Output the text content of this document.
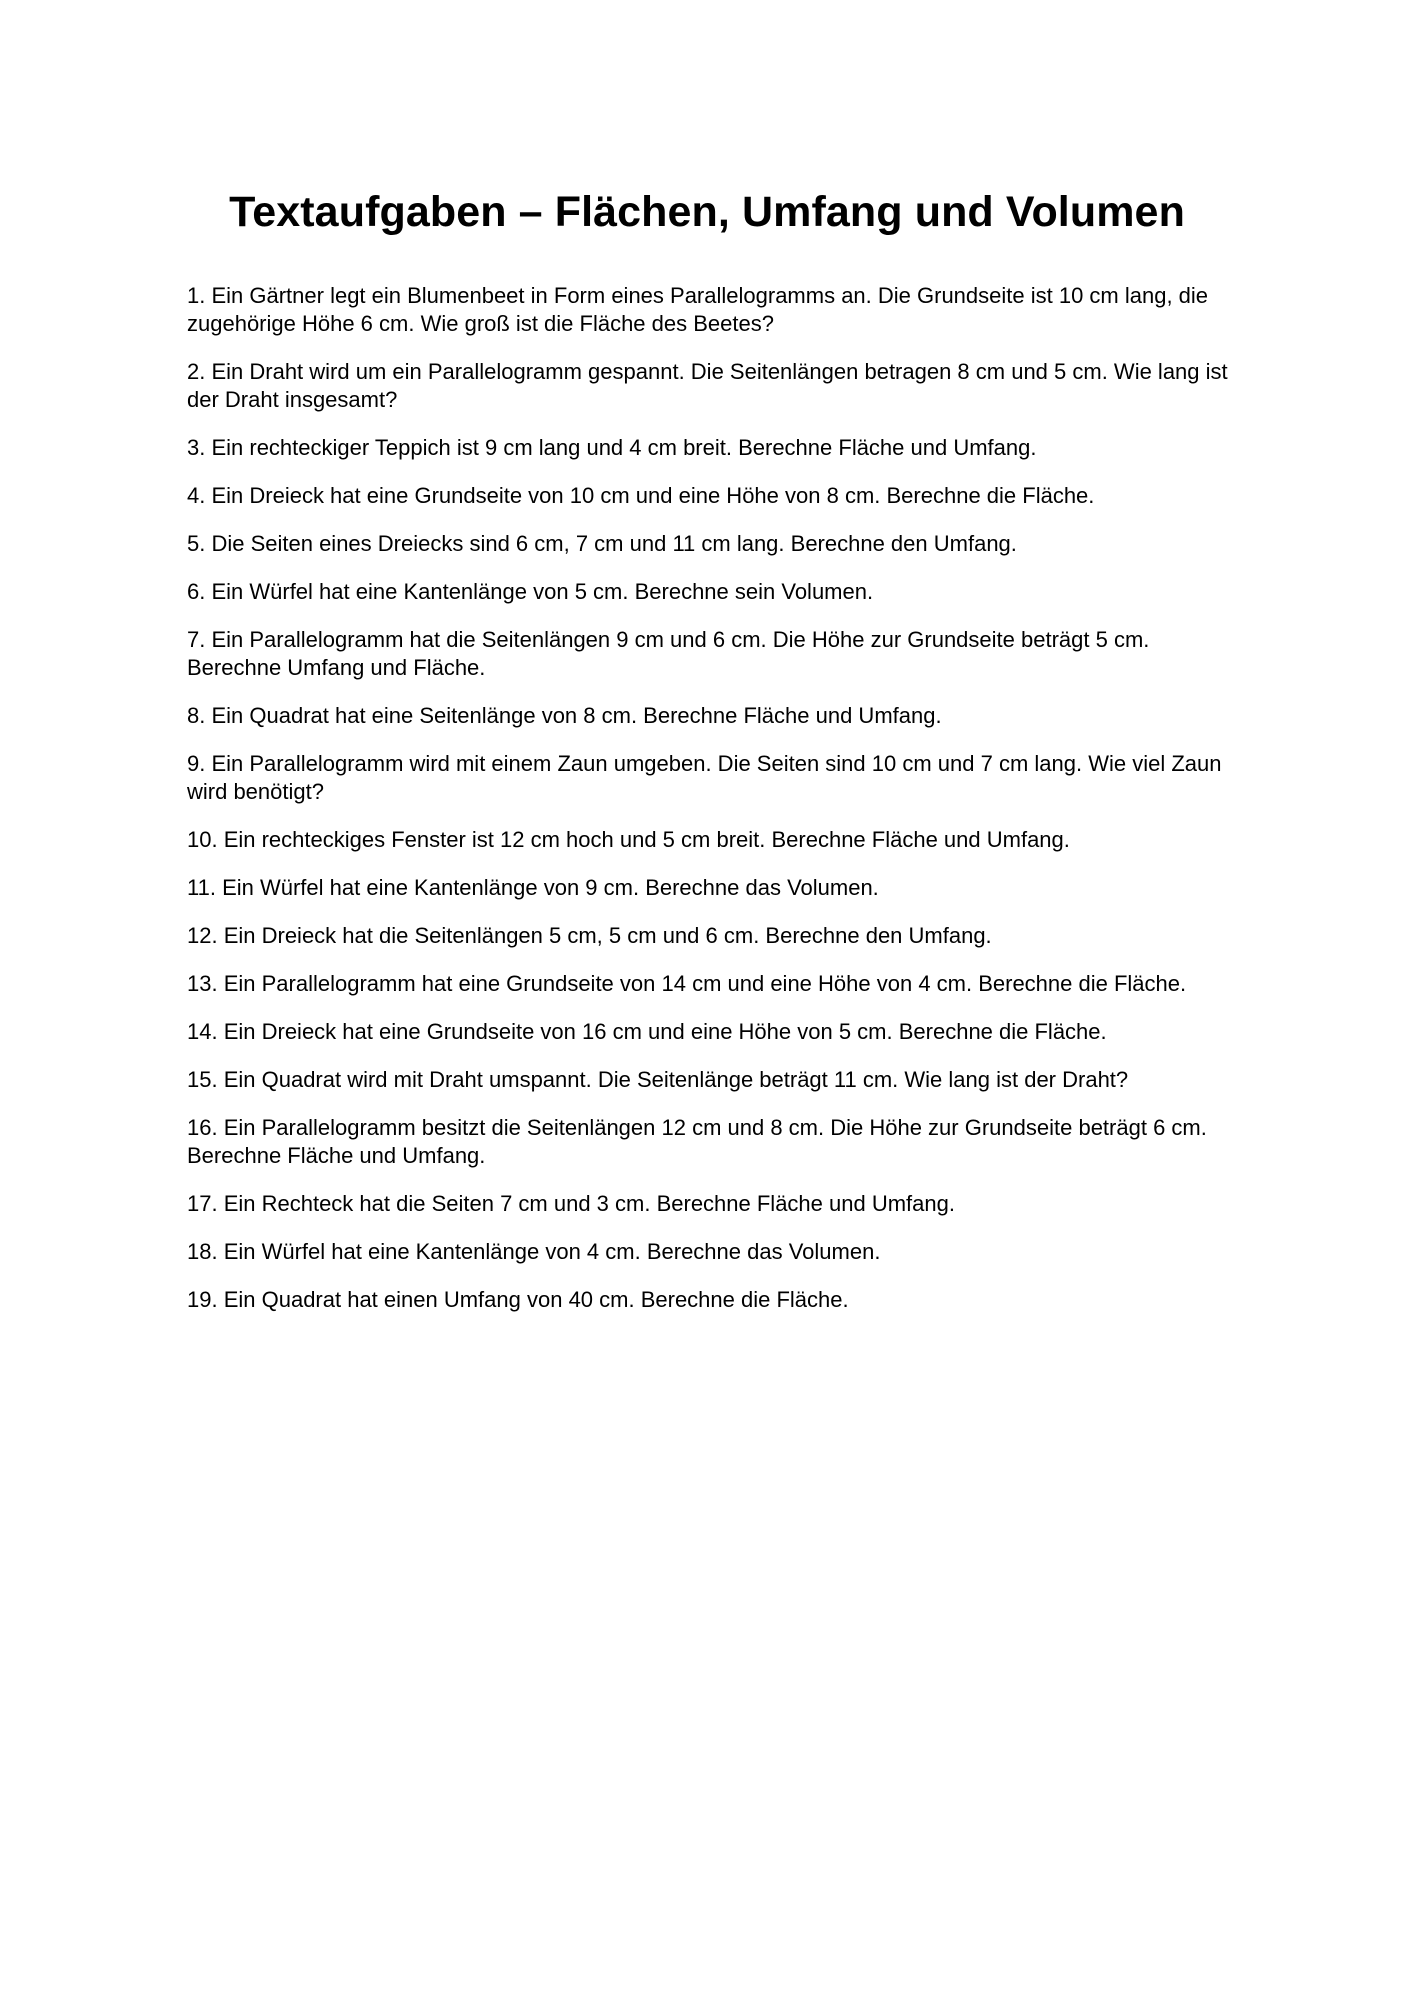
Textaufgaben – Flächen, Umfang und Volumen
1. Ein Gärtner legt ein Blumenbeet in Form eines Parallelogramms an. Die Grundseite ist 10 cm lang, die zugehörige Höhe 6 cm. Wie groß ist die Fläche des Beetes?
2. Ein Draht wird um ein Parallelogramm gespannt. Die Seitenlängen betragen 8 cm und 5 cm. Wie lang ist der Draht insgesamt?
3. Ein rechteckiger Teppich ist 9 cm lang und 4 cm breit. Berechne Fläche und Umfang.
4. Ein Dreieck hat eine Grundseite von 10 cm und eine Höhe von 8 cm. Berechne die Fläche.
5. Die Seiten eines Dreiecks sind 6 cm, 7 cm und 11 cm lang. Berechne den Umfang.
6. Ein Würfel hat eine Kantenlänge von 5 cm. Berechne sein Volumen.
7. Ein Parallelogramm hat die Seitenlängen 9 cm und 6 cm. Die Höhe zur Grundseite beträgt 5 cm. Berechne Umfang und Fläche.
8. Ein Quadrat hat eine Seitenlänge von 8 cm. Berechne Fläche und Umfang.
9. Ein Parallelogramm wird mit einem Zaun umgeben. Die Seiten sind 10 cm und 7 cm lang. Wie viel Zaun wird benötigt?
10. Ein rechteckiges Fenster ist 12 cm hoch und 5 cm breit. Berechne Fläche und Umfang.
11. Ein Würfel hat eine Kantenlänge von 9 cm. Berechne das Volumen.
12. Ein Dreieck hat die Seitenlängen 5 cm, 5 cm und 6 cm. Berechne den Umfang.
13. Ein Parallelogramm hat eine Grundseite von 14 cm und eine Höhe von 4 cm. Berechne die Fläche.
14. Ein Dreieck hat eine Grundseite von 16 cm und eine Höhe von 5 cm. Berechne die Fläche.
15. Ein Quadrat wird mit Draht umspannt. Die Seitenlänge beträgt 11 cm. Wie lang ist der Draht?
16. Ein Parallelogramm besitzt die Seitenlängen 12 cm und 8 cm. Die Höhe zur Grundseite beträgt 6 cm. Berechne Fläche und Umfang.
17. Ein Rechteck hat die Seiten 7 cm und 3 cm. Berechne Fläche und Umfang.
18. Ein Würfel hat eine Kantenlänge von 4 cm. Berechne das Volumen.
19. Ein Quadrat hat einen Umfang von 40 cm. Berechne die Fläche.
